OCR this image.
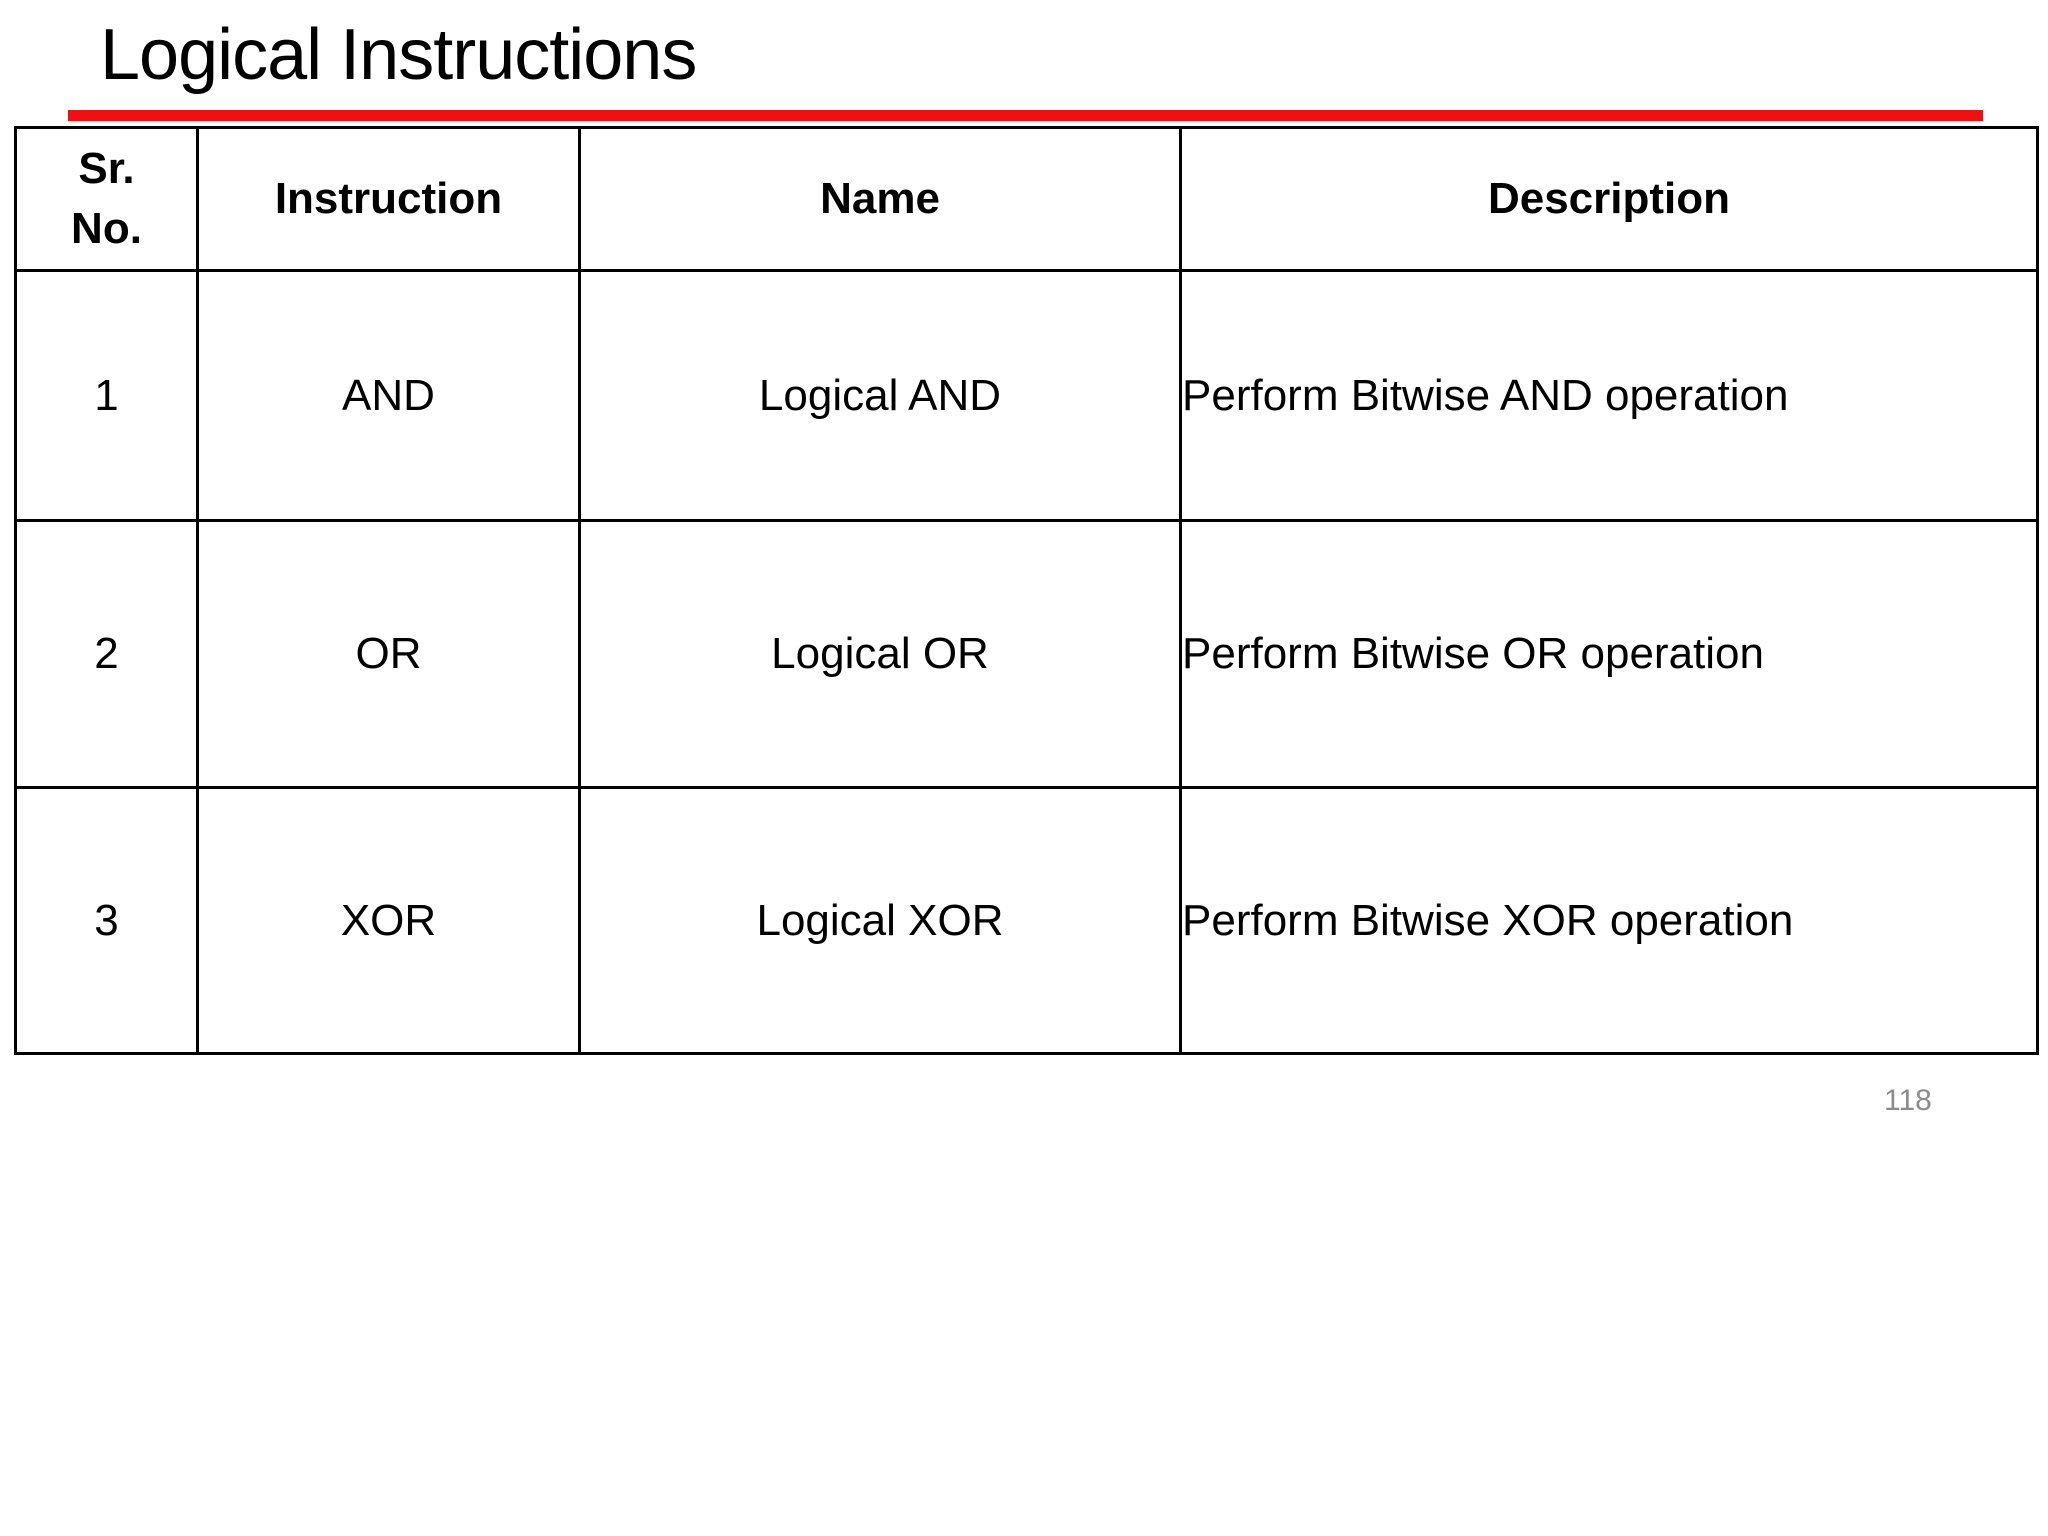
Logical Instructions
Sr.
No.	Instruction	Name	Description
1	AND	Logical AND	Perform Bitwise AND operation

2	OR	Logical OR	Perform Bitwise OR operation

3	XOR	Logical XOR	Perform Bitwise XOR operation
118
